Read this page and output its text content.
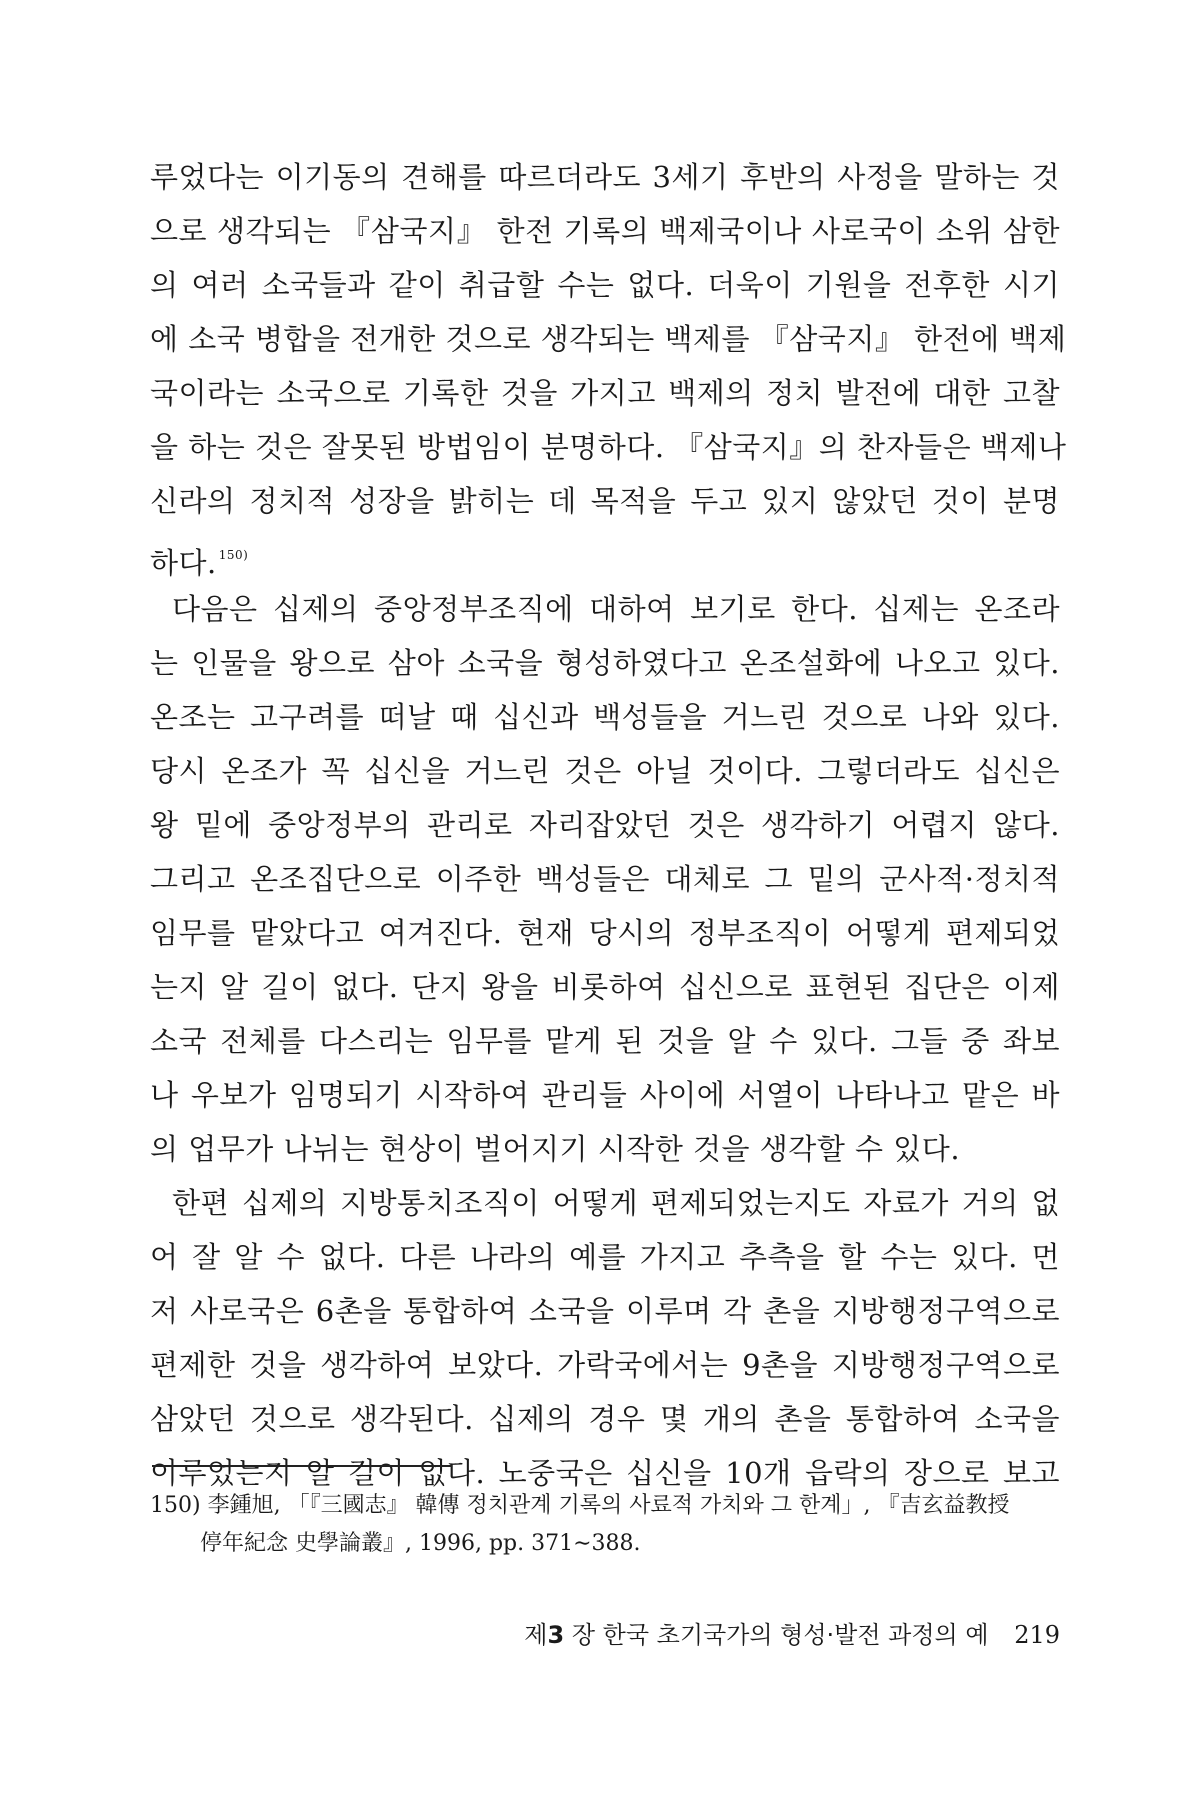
루었다는 이기동의 견해를 따르더라도 3세기 후반의 사정을 말하는 것
으로 생각되는 『삼국지』 한전 기록의 백제국이나 사로국이 소위 삼한
의 여러 소국들과 같이 취급할 수는 없다. 더욱이 기원을 전후한 시기
에 소국 병합을 전개한 것으로 생각되는 백제를 『삼국지』 한전에 백제
국이라는 소국으로 기록한 것을 가지고 백제의 정치 발전에 대한 고찰
을 하는 것은 잘못된 방법임이 분명하다. 『삼국지』의 찬자들은 백제나
신라의 정치적 성장을 밝히는 데 목적을 두고 있지 않았던 것이 분명
하다. $^{150)}$
다음은 십제의 중앙정부조직에 대하여 보기로 한다. 십제는 온조라
는 인물을 왕으로 삼아 소국을 형성하였다고 온조설화에 나오고 있다.
온조는 고구려를 떠날 때 십신과 백성들을 거느린 것으로 나와 있다.
당시 온조가 꼭 십신을 거느린 것은 아닐 것이다. 그렇더라도 십신은
왕 밑에 중앙정부의 관리로 자리잡았던 것은 생각하기 어렵지 않다.
그리고 온조집단으로 이주한 백성들은 대체로 그 밑의 군사적·정치적
임무를 맡았다고 여겨진다. 현재 당시의 정부조직이 어떻게 편제되었
는지 알 길이 없다. 단지 왕을 비롯하여 십신으로 표현된 집단은 이제
소국 전체를 다스리는 임무를 맡게 된 것을 알 수 있다. 그들 중 좌보
나 우보가 임명되기 시작하여 관리들 사이에 서열이 나타나고 맡은 바
의 업무가 나뉘는 현상이 벌어지기 시작한 것을 생각할 수 있다.
한편 십제의 지방통치조직이 어떻게 편제되었는지도 자료가 거의 없
어 잘 알 수 없다. 다른 나라의 예를 가지고 추측을 할 수는 있다. 먼
저 사로국은 6촌을 통합하여 소국을 이루며 각 촌을 지방행정구역으로
편제한 것을 생각하여 보았다. 가락국에서는 9촌을 지방행정구역으로
삼았던 것으로 생각된다. 십제의 경우 몇 개의 촌을 통합하여 소국을
이루었는지 알 길이 없다. 노중국은 십신을 10개 읍락의 장으로 보고
150) 李鍾旭, 「『三國志』 韓傳 정치관계 기록의 사료적 가치와 그 한계」, 『吉玄益教授
停年紀念 史學論叢』, 1996, pp. 371∼388.
제3 장 한국 초기국가의 형성·발전 과정의 예 219
